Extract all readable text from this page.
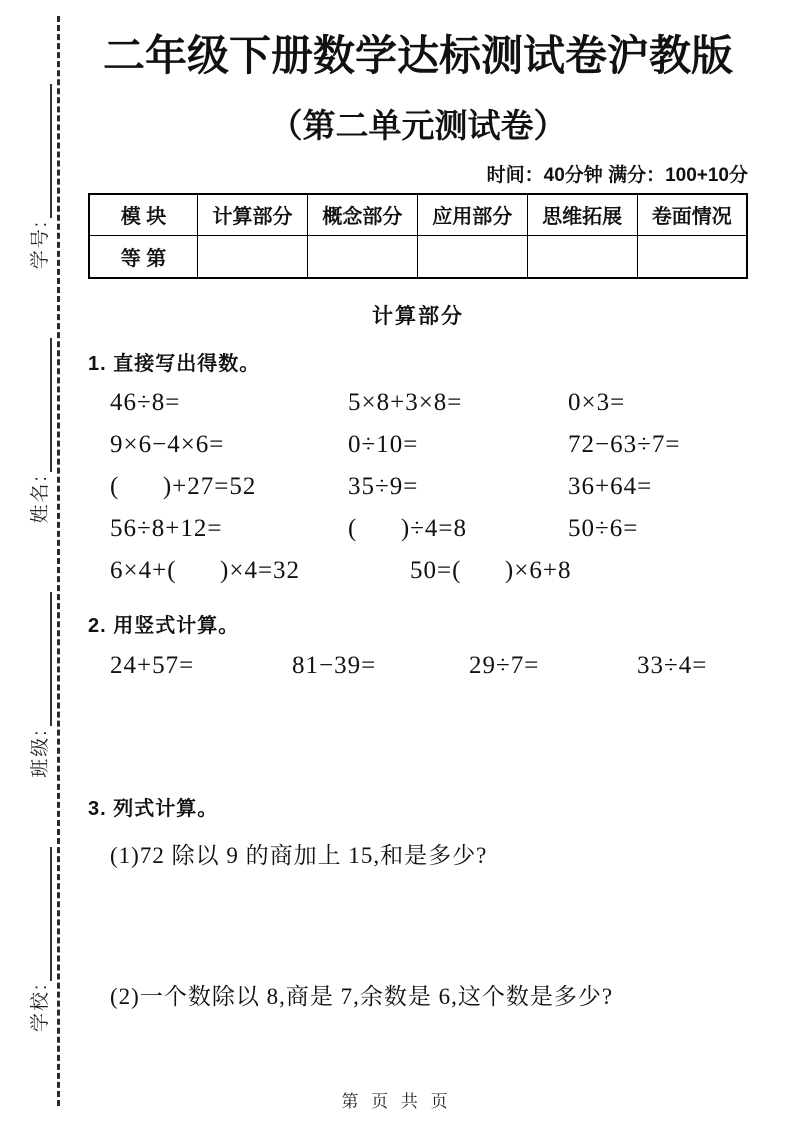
学号:
姓名:
班级:
学校:
二年级下册数学达标测试卷沪教版
（第二单元测试卷）
时间：40分钟 满分：100+10分
模 块	计算部分	概念部分	应用部分	思维拓展	卷面情况
等 第					
计算部分
1. 直接写出得数。
46÷8=	5×8+3×8=	0×3=
9×6−4×6=	0÷10=	72−63÷7=
(      )+27=52	35÷9=	36+64=
56÷8+12=	(      )÷4=8	50÷6=
6×4+(      )×4=32	50=(      )×6+8
2. 用竖式计算。
24+57=	81−39=	29÷7=	33÷4=
3. 列式计算。
(1)72 除以 9 的商加上 15,和是多少?
(2)一个数除以 8,商是 7,余数是 6,这个数是多少?
第 页 共 页
